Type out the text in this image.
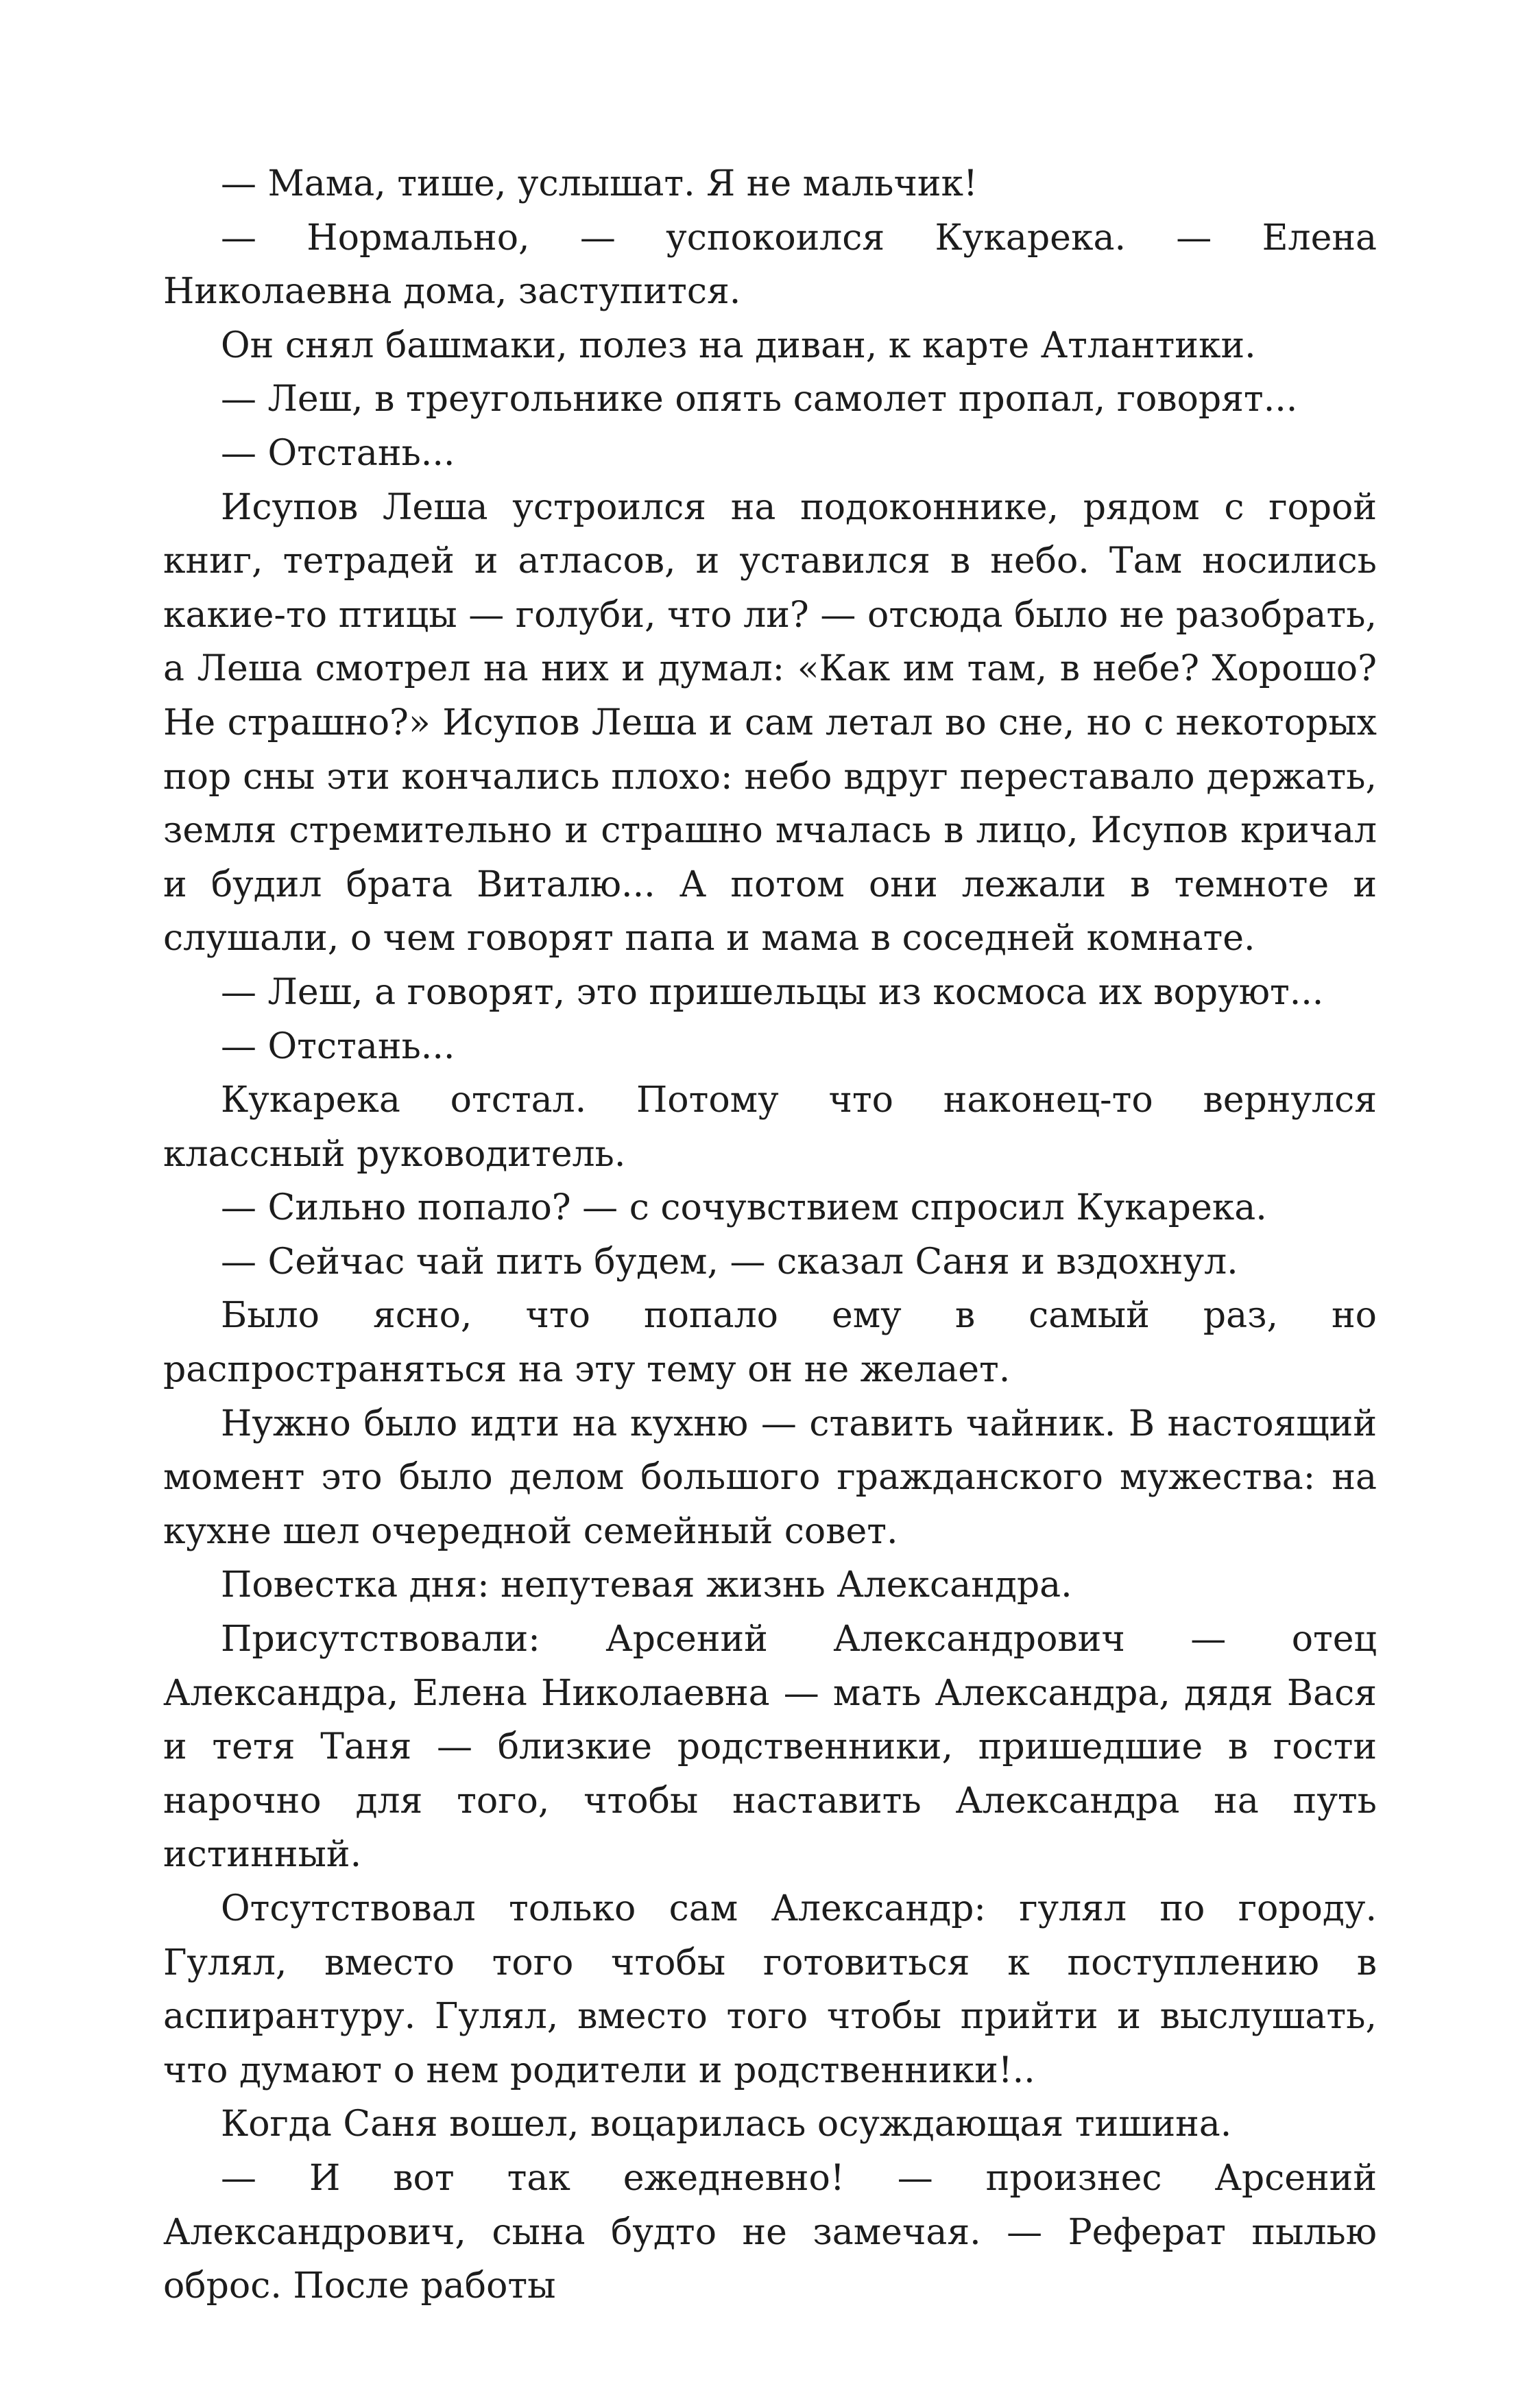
— Мама, тише, услышат. Я не мальчик!

— Нормально, — успокоился Кукарека. — Елена Николаевна дома, заступится.

Он снял башмаки, полез на диван, к карте Атлантики.

— Леш, в треугольнике опять самолет пропал, говорят...

— Отстань...

Исупов Леша устроился на подоконнике, рядом с горой книг, тетрадей и атласов, и уставился в небо. Там носились какие-то птицы — голуби, что ли? — отсюда было не разобрать, а Леша смотрел на них и думал: «Как им там, в небе? Хорошо? Не страшно?» Исупов Леша и сам летал во сне, но с некоторых пор сны эти кончались плохо: небо вдруг переставало держать, земля стремительно и страшно мчалась в лицо, Исупов кричал и будил брата Виталю... А потом они лежали в темноте и слушали, о чем говорят папа и мама в соседней комнате.

— Леш, а говорят, это пришельцы из космоса их воруют...

— Отстань...

Кукарека отстал. Потому что наконец-то вернулся классный руководитель.

— Сильно попало? — с сочувствием спросил Кукарека.

— Сейчас чай пить будем, — сказал Саня и вздохнул.

Было ясно, что попало ему в самый раз, но распространяться на эту тему он не желает.

Нужно было идти на кухню — ставить чайник. В настоящий момент это было делом большого гражданского мужества: на кухне шел очередной семейный совет.

Повестка дня: непутевая жизнь Александра.

Присутствовали: Арсений Александрович — отец Александра, Елена Николаевна — мать Александра, дядя Вася и тетя Таня — близкие родственники, пришедшие в гости нарочно для того, чтобы наставить Александра на путь истинный.

Отсутствовал только сам Александр: гулял по городу. Гулял, вместо того чтобы готовиться к поступлению в аспирантуру. Гулял, вместо того чтобы прийти и выслушать, что думают о нем родители и родственники!..

Когда Саня вошел, воцарилась осуждающая тишина.

— И вот так ежедневно! — произнес Арсений Александрович, сына будто не замечая. — Реферат пылью оброс. После работы
